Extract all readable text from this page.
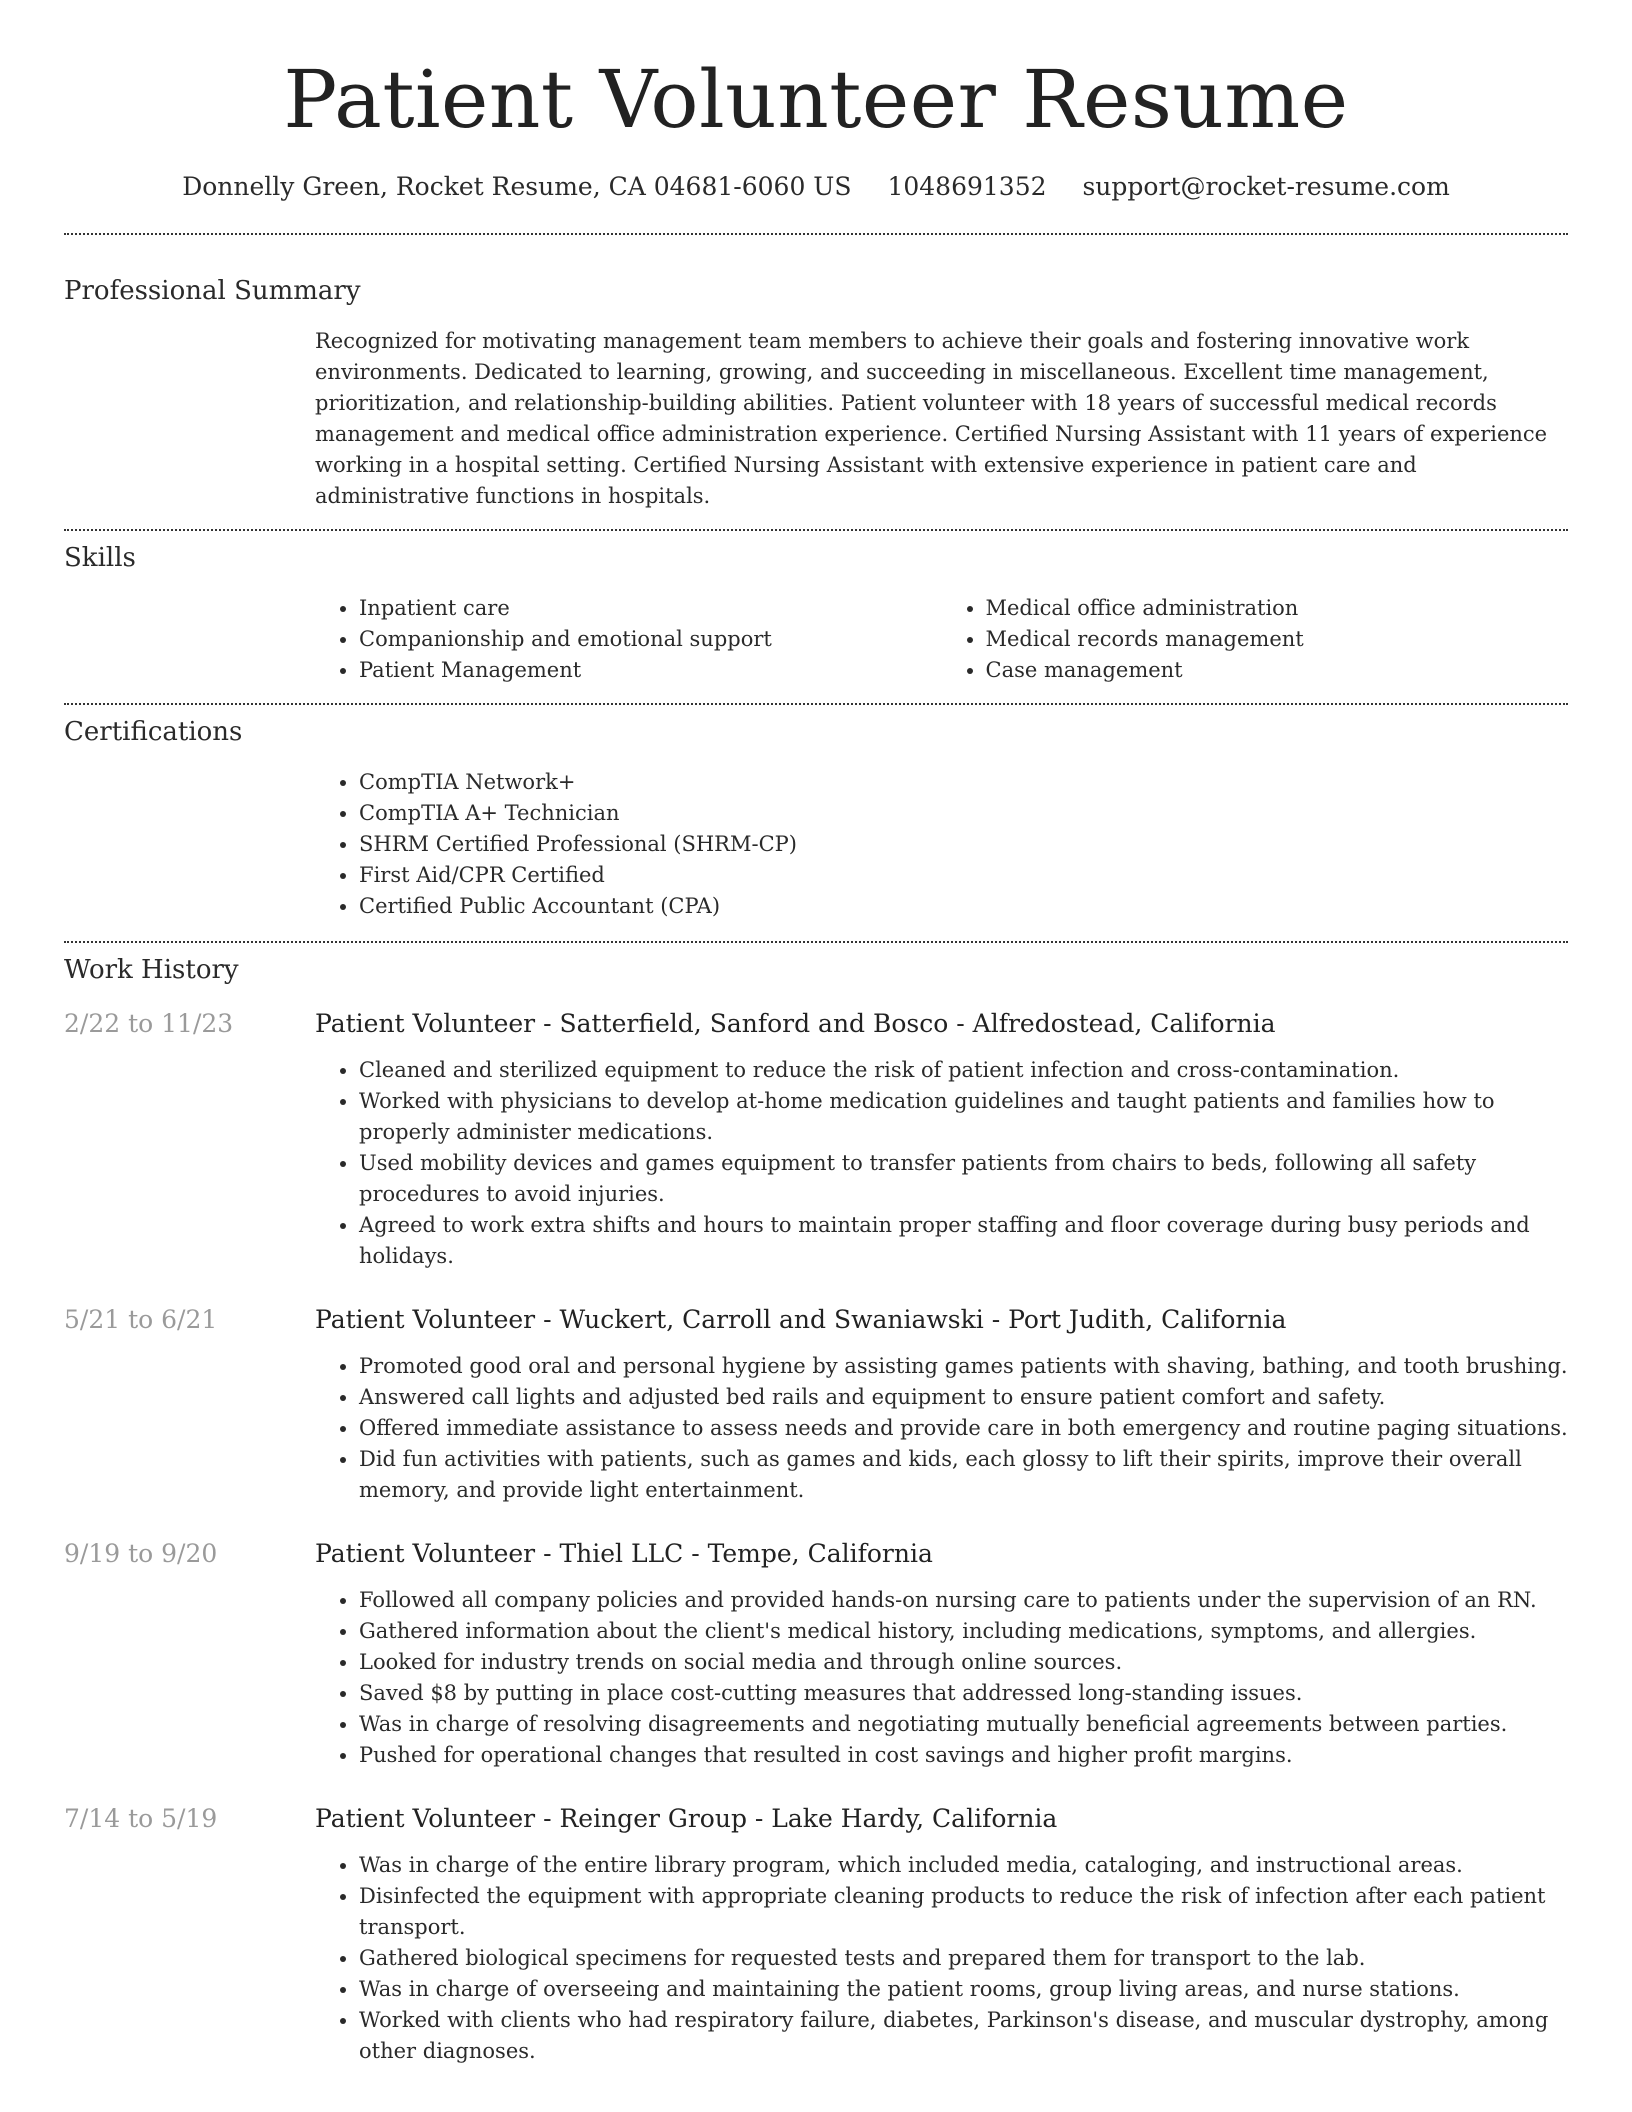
Patient Volunteer Resume
Donnelly Green, Rocket Resume, CA 04681-6060 US 1048691352 support@rocket-resume.com
Professional Summary
Recognized for motivating management team members to achieve their goals and fostering innovative work environments. Dedicated to learning, growing, and succeeding in miscellaneous. Excellent time management, prioritization, and relationship-building abilities. Patient volunteer with 18 years of successful medical records management and medical office administration experience. Certified Nursing Assistant with 11 years of experience working in a hospital setting. Certified Nursing Assistant with extensive experience in patient care and administrative functions in hospitals.
Skills
• Inpatient care
• Companionship and emotional support
• Patient Management
• Medical office administration
• Medical records management
• Case management
Certifications
• CompTIA Network+
• CompTIA A+ Technician
• SHRM Certified Professional (SHRM-CP)
• First Aid/CPR Certified
• Certified Public Accountant (CPA)
Work History
2/22 to 11/23	Patient Volunteer - Satterfield, Sanford and Bosco - Alfredostead, California
• Cleaned and sterilized equipment to reduce the risk of patient infection and cross-contamination.
• Worked with physicians to develop at-home medication guidelines and taught patients and families how to properly administer medications.
• Used mobility devices and games equipment to transfer patients from chairs to beds, following all safety procedures to avoid injuries.
• Agreed to work extra shifts and hours to maintain proper staffing and floor coverage during busy periods and holidays.
5/21 to 6/21	Patient Volunteer - Wuckert, Carroll and Swaniawski - Port Judith, California
• Promoted good oral and personal hygiene by assisting games patients with shaving, bathing, and tooth brushing.
• Answered call lights and adjusted bed rails and equipment to ensure patient comfort and safety.
• Offered immediate assistance to assess needs and provide care in both emergency and routine paging situations.
• Did fun activities with patients, such as games and kids, each glossy to lift their spirits, improve their overall memory, and provide light entertainment.
9/19 to 9/20	Patient Volunteer - Thiel LLC - Tempe, California
• Followed all company policies and provided hands-on nursing care to patients under the supervision of an RN.
• Gathered information about the client's medical history, including medications, symptoms, and allergies.
• Looked for industry trends on social media and through online sources.
• Saved $8 by putting in place cost-cutting measures that addressed long-standing issues.
• Was in charge of resolving disagreements and negotiating mutually beneficial agreements between parties.
• Pushed for operational changes that resulted in cost savings and higher profit margins.
7/14 to 5/19	Patient Volunteer - Reinger Group - Lake Hardy, California
• Was in charge of the entire library program, which included media, cataloging, and instructional areas.
• Disinfected the equipment with appropriate cleaning products to reduce the risk of infection after each patient transport.
• Gathered biological specimens for requested tests and prepared them for transport to the lab.
• Was in charge of overseeing and maintaining the patient rooms, group living areas, and nurse stations.
• Worked with clients who had respiratory failure, diabetes, Parkinson's disease, and muscular dystrophy, among other diagnoses.
